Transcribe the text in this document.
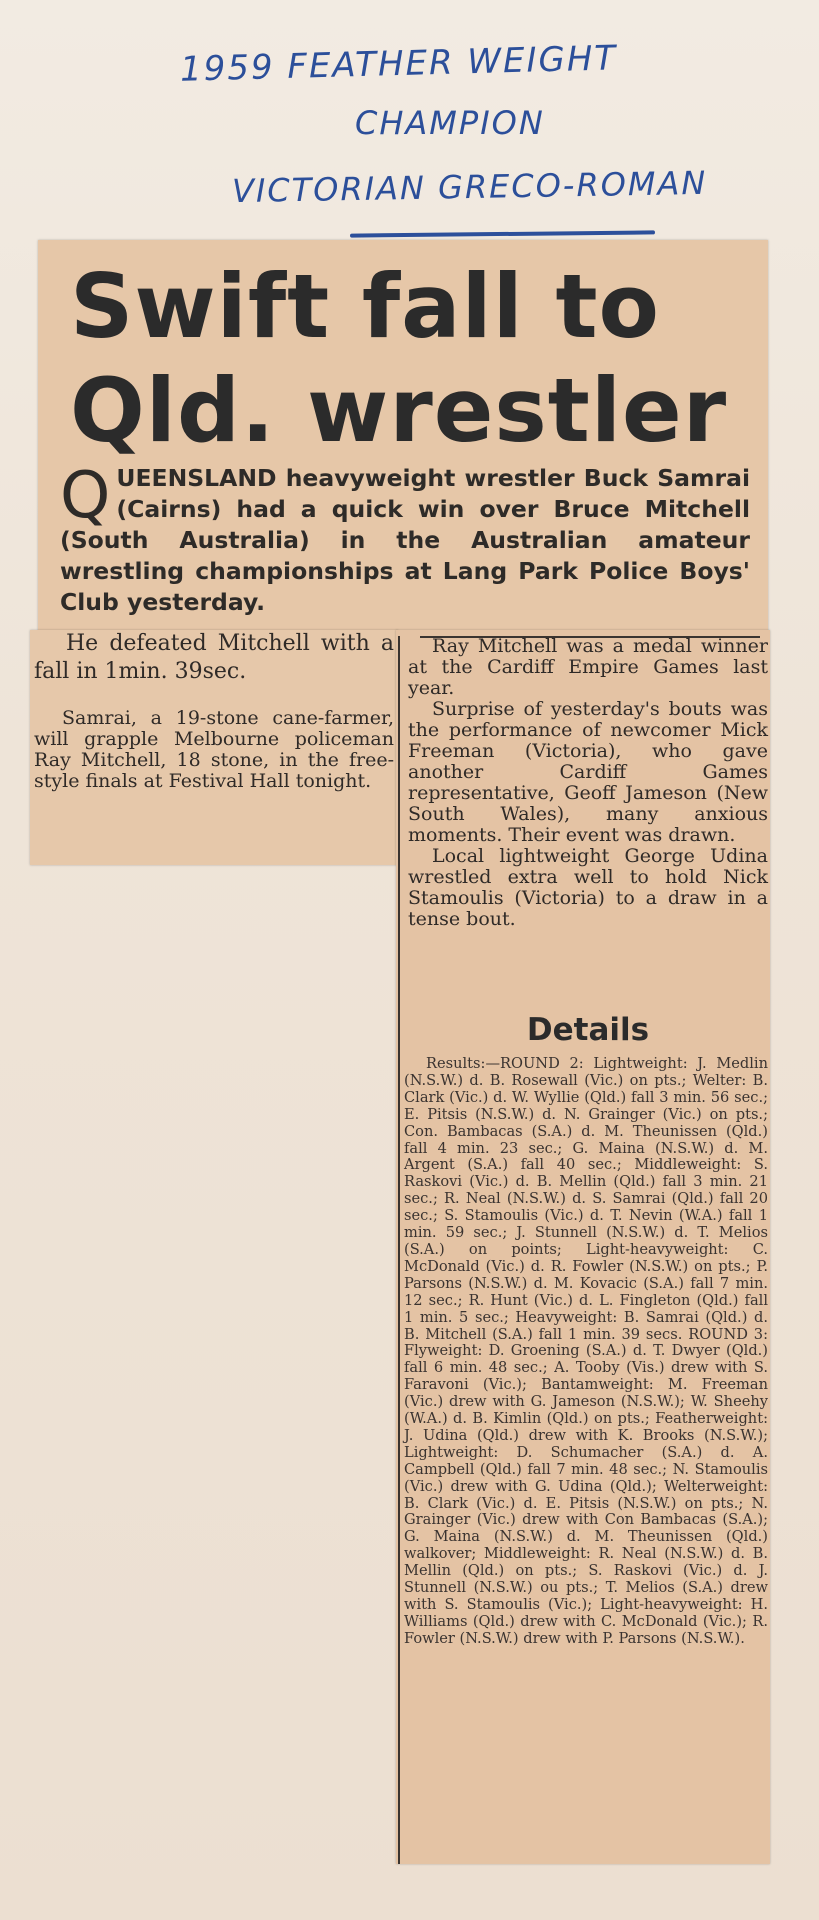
1959 FEATHER WEIGHT
CHAMPION
VICTORIAN GRECO-ROMAN
Swift fall to Qld. wrestler

QUEENSLAND heavyweight wrestler Buck Samrai (Cairns) had a quick win over Bruce Mitchell (South Australia) in the Australian amateur wrestling championships at Lang Park Police Boys' Club yesterday.

He defeated Mitchell with a fall in 1min. 39sec.

Samrai, a 19-stone cane-farmer, will grapple Melbourne policeman Ray Mitchell, 18 stone, in the free-style finals at Festival Hall tonight.

Ray Mitchell was a medal winner at the Cardiff Empire Games last year.

Surprise of yesterday's bouts was the performance of newcomer Mick Freeman (Victoria), who gave another Cardiff Games representative, Geoff Jameson (New South Wales), many anxious moments. Their event was drawn.

Local lightweight George Udina wrestled extra well to hold Nick Stamoulis (Victoria) to a draw in a tense bout.

Details

Results:—ROUND 2: Lightweight: J. Medlin (N.S.W.) d. B. Rosewall (Vic.) on pts.; Welter: B. Clark (Vic.) d. W. Wyllie (Qld.) fall 3 min. 56 sec.; E. Pitsis (N.S.W.) d. N. Grainger (Vic.) on pts.; Con. Bambacas (S.A.) d. M. Theunissen (Qld.) fall 4 min. 23 sec.; G. Maina (N.S.W.) d. M. Argent (S.A.) fall 40 sec.; Middleweight: S. Raskovi (Vic.) d. B. Mellin (Qld.) fall 3 min. 21 sec.; R. Neal (N.S.W.) d. S. Samrai (Qld.) fall 20 sec.; S. Stamoulis (Vic.) d. T. Nevin (W.A.) fall 1 min. 59 sec.; J. Stunnell (N.S.W.) d. T. Melios (S.A.) on points; Light-heavyweight: C. McDonald (Vic.) d. R. Fowler (N.S.W.) on pts.; P. Parsons (N.S.W.) d. M. Kovacic (S.A.) fall 7 min. 12 sec.; R. Hunt (Vic.) d. L. Fingleton (Qld.) fall 1 min. 5 sec.; Heavyweight: B. Samrai (Qld.) d. B. Mitchell (S.A.) fall 1 min. 39 secs. ROUND 3: Flyweight: D. Groening (S.A.) d. T. Dwyer (Qld.) fall 6 min. 48 sec.; A. Tooby (Vis.) drew with S. Faravoni (Vic.); Bantamweight: M. Freeman (Vic.) drew with G. Jameson (N.S.W.); W. Sheehy (W.A.) d. B. Kimlin (Qld.) on pts.; Featherweight: J. Udina (Qld.) drew with K. Brooks (N.S.W.); Lightweight: D. Schumacher (S.A.) d. A. Campbell (Qld.) fall 7 min. 48 sec.; N. Stamoulis (Vic.) drew with G. Udina (Qld.); Welterweight: B. Clark (Vic.) d. E. Pitsis (N.S.W.) on pts.; N. Grainger (Vic.) drew with Con Bambacas (S.A.); G. Maina (N.S.W.) d. M. Theunissen (Qld.) walkover; Middleweight: R. Neal (N.S.W.) d. B. Mellin (Qld.) on pts.; S. Raskovi (Vic.) d. J. Stunnell (N.S.W.) ou pts.; T. Melios (S.A.) drew with S. Stamoulis (Vic.); Light-heavyweight: H. Williams (Qld.) drew with C. McDonald (Vic.); R. Fowler (N.S.W.) drew with P. Parsons (N.S.W.).
